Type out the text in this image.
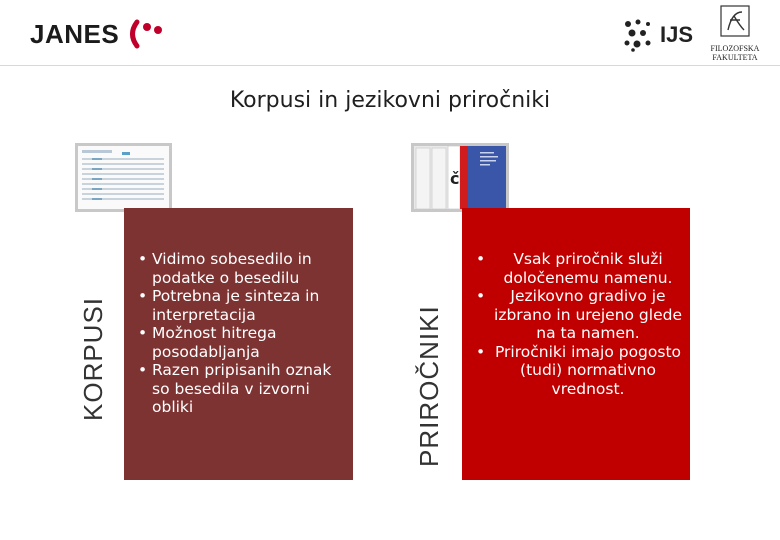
JANES	IJS
FILOZOFSKA
FAKULTETA
Korpusi in jezikovni priročniki
KORPUSI
• Vidimo sobesedilo in podatke o besedilu
• Potrebna je sinteza in interpretacija
• Možnost hitrega posodabljanja
• Razen pripisanih oznak so besedila v izvorni obliki
č
PRIROČNIKI
• Vsak priročnik služi določenemu namenu.
• Jezikovno gradivo je izbrano in urejeno glede na ta namen.
• Priročniki imajo pogosto (tudi) normativno vrednost.
